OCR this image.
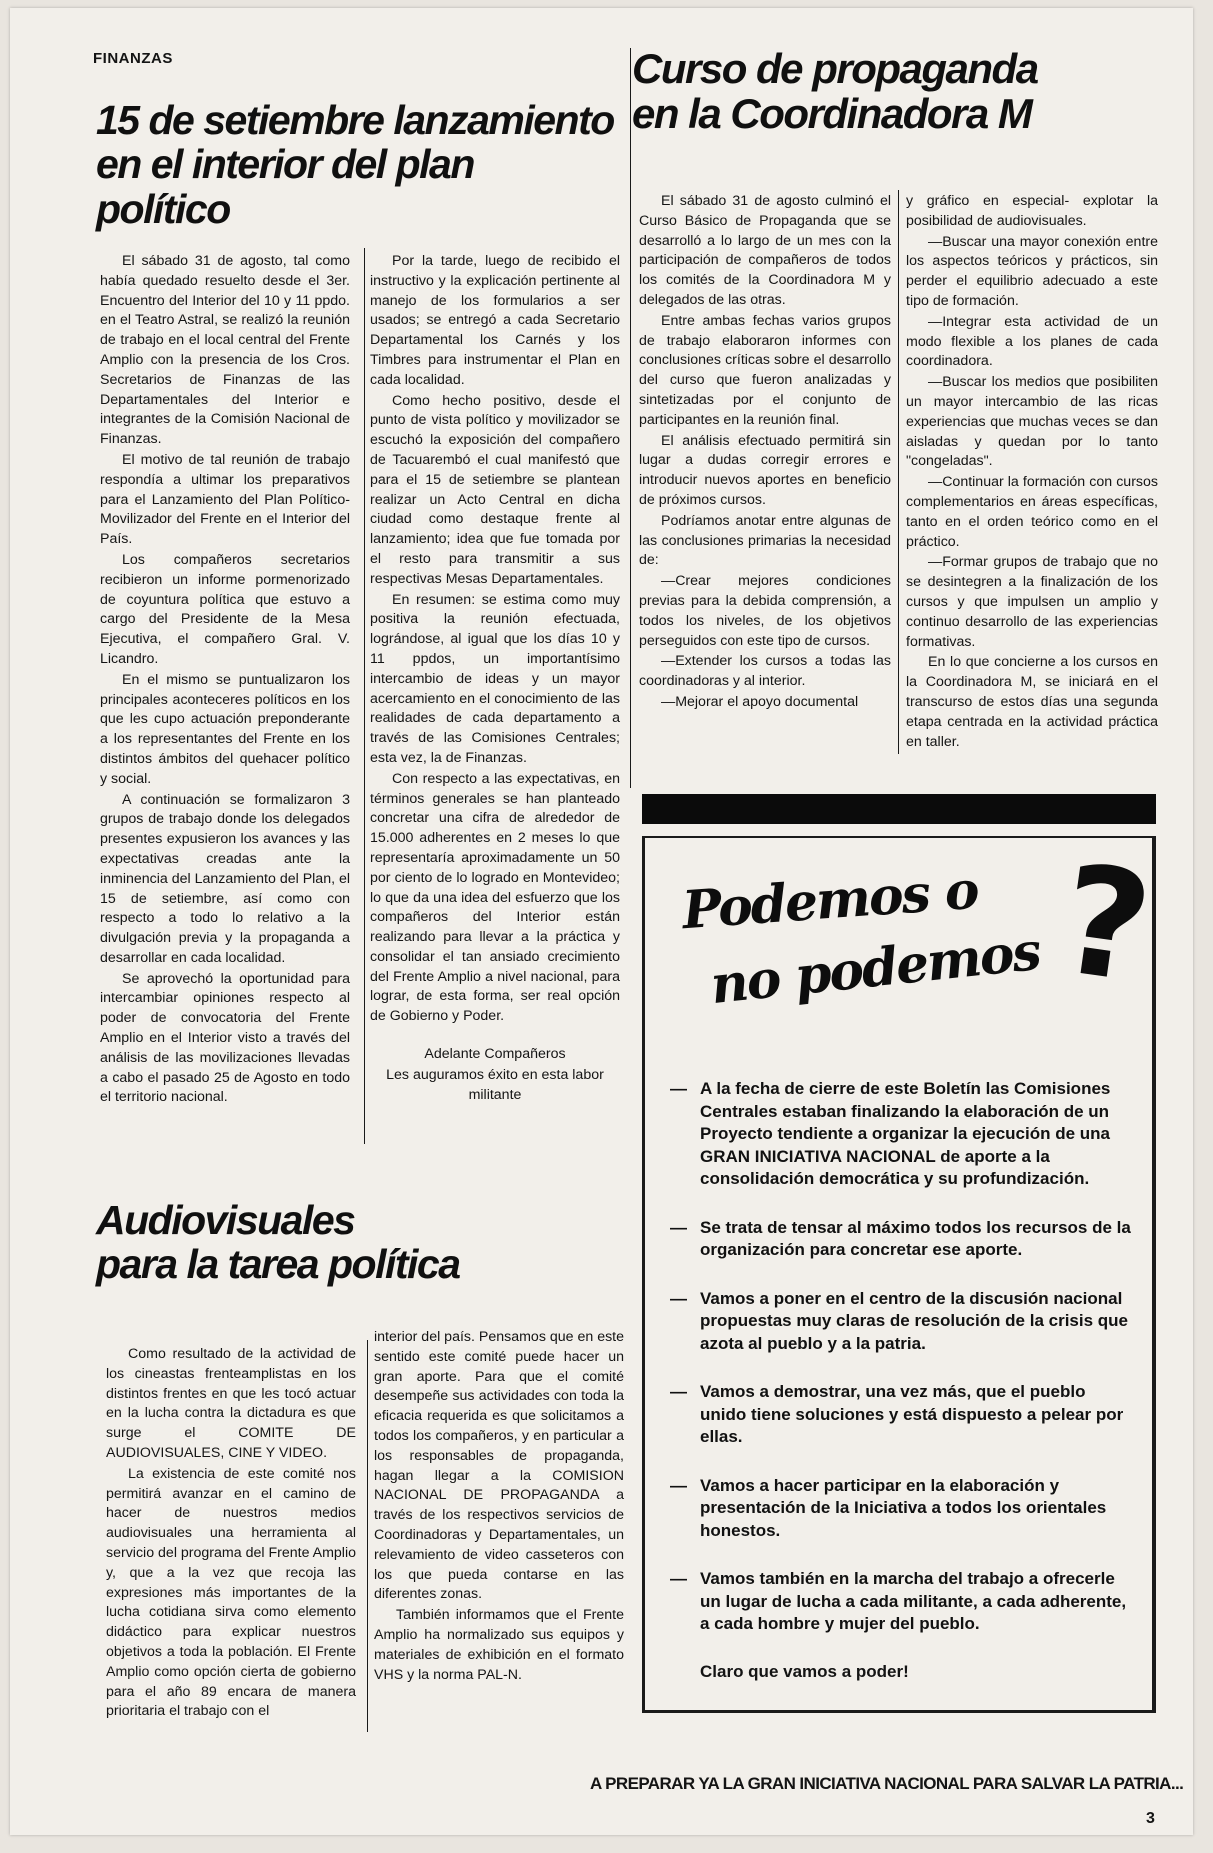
FINANZAS
15 de setiembre lanzamiento
en el interior del plan político

El sábado 31 de agosto, tal como había quedado resuelto desde el 3er. Encuentro del Interior del 10 y 11 ppdo. en el Teatro Astral, se realizó la reunión de trabajo en el local central del Frente Amplio con la presencia de los Cros. Secretarios de Finanzas de las Departamentales del Interior e integrantes de la Comisión Nacional de Finanzas.

El motivo de tal reunión de trabajo respondía a ultimar los preparativos para el Lanzamiento del Plan Político-Movilizador del Frente en el Interior del País.

Los compañeros secretarios recibieron un informe pormenorizado de coyuntura política que estuvo a cargo del Presidente de la Mesa Ejecutiva, el compañero Gral. V. Licandro.

En el mismo se puntualizaron los principales aconteceres políticos en los que les cupo actuación preponderante a los representantes del Frente en los distintos ámbitos del quehacer político y social.

A continuación se formalizaron 3 grupos de trabajo donde los delegados presentes expusieron los avances y las expectativas creadas ante la inminencia del Lanzamiento del Plan, el 15 de setiembre, así como con respecto a todo lo relativo a la divulgación previa y la propaganda a desarrollar en cada localidad.

Se aprovechó la oportunidad para intercambiar opiniones respecto al poder de convocatoria del Frente Amplio en el Interior visto a través del análisis de las movilizaciones llevadas a cabo el pasado 25 de Agosto en todo el territorio nacional.

Por la tarde, luego de recibido el instructivo y la explicación pertinente al manejo de los formularios a ser usados; se entregó a cada Secretario Departamental los Carnés y los Timbres para instrumentar el Plan en cada localidad.

Como hecho positivo, desde el punto de vista político y movilizador se escuchó la exposición del compañero de Tacuarembó el cual manifestó que para el 15 de setiembre se plantean realizar un Acto Central en dicha ciudad como destaque frente al lanzamiento; idea que fue tomada por el resto para transmitir a sus respectivas Mesas Departamentales.

En resumen: se estima como muy positiva la reunión efectuada, lográndose, al igual que los días 10 y 11 ppdos, un importantísimo intercambio de ideas y un mayor acercamiento en el conocimiento de las realidades de cada departamento a través de las Comisiones Centrales; esta vez, la de Finanzas.

Con respecto a las expectativas, en términos generales se han planteado concretar una cifra de alrededor de 15.000 adherentes en 2 meses lo que representaría aproximadamente un 50 por ciento de lo logrado en Montevideo; lo que da una idea del esfuerzo que los compañeros del Interior están realizando para llevar a la práctica y consolidar el tan ansiado crecimiento del Frente Amplio a nivel nacional, para lograr, de esta forma, ser real opción de Gobierno y Poder.

Adelante Compañeros

Les auguramos éxito en esta labor militante

Curso de propaganda
en la Coordinadora M

El sábado 31 de agosto culminó el Curso Básico de Propaganda que se desarrolló a lo largo de un mes con la participación de compañeros de todos los comités de la Coordinadora M y delegados de las otras.

Entre ambas fechas varios grupos de trabajo elaboraron informes con conclusiones críticas sobre el desarrollo del curso que fueron analizadas y sintetizadas por el conjunto de participantes en la reunión final.

El análisis efectuado permitirá sin lugar a dudas corregir errores e introducir nuevos aportes en beneficio de próximos cursos.

Podríamos anotar entre algunas de las conclusiones primarias la necesidad de:

—Crear mejores condiciones previas para la debida comprensión, a todos los niveles, de los objetivos perseguidos con este tipo de cursos.

—Extender los cursos a todas las coordinadoras y al interior.

—Mejorar el apoyo documental

y gráfico en especial- explotar la posibilidad de audiovisuales.

—Buscar una mayor conexión entre los aspectos teóricos y prácticos, sin perder el equilibrio adecuado a este tipo de formación.

—Integrar esta actividad de un modo flexible a los planes de cada coordinadora.

—Buscar los medios que posibiliten un mayor intercambio de las ricas experiencias que muchas veces se dan aisladas y quedan por lo tanto "congeladas".

—Continuar la formación con cursos complementarios en áreas específicas, tanto en el orden teórico como en el práctico.

—Formar grupos de trabajo que no se desintegren a la finalización de los cursos y que impulsen un amplio y continuo desarrollo de las experiencias formativas.

En lo que concierne a los cursos en la Coordinadora M, se iniciará en el transcurso de estos días una segunda etapa centrada en la actividad práctica en taller.

Audiovisuales
para la tarea política

Como resultado de la actividad de los cineastas frenteamplistas en los distintos frentes en que les tocó actuar en la lucha contra la dictadura es que surge el COMITE DE AUDIOVISUALES, CINE Y VIDEO.

La existencia de este comité nos permitirá avanzar en el camino de hacer de nuestros medios audiovisuales una herramienta al servicio del programa del Frente Amplio y, que a la vez que recoja las expresiones más importantes de la lucha cotidiana sirva como elemento didáctico para explicar nuestros objetivos a toda la población. El Frente Amplio como opción cierta de gobierno para el año 89 encara de manera prioritaria el trabajo con el

interior del país. Pensamos que en este sentido este comité puede hacer un gran aporte. Para que el comité desempeñe sus actividades con toda la eficacia requerida es que solicitamos a todos los compañeros, y en particular a los responsables de propaganda, hagan llegar a la COMISION NACIONAL DE PROPAGANDA a través de los respectivos servicios de Coordinadoras y Departamentales, un relevamiento de video casseteros con los que pueda contarse en las diferentes zonas.

También informamos que el Frente Amplio ha normalizado sus equipos y materiales de exhibición en el formato VHS y la norma PAL-N.

Podemos o
no podemos ?
— A la fecha de cierre de este Boletín las Comisiones Centrales estaban finalizando la elaboración de un Proyecto tendiente a organizar la ejecución de una GRAN INICIATIVA NACIONAL de aporte a la consolidación democrática y su profundización.
— Se trata de tensar al máximo todos los recursos de la organización para concretar ese aporte.
— Vamos a poner en el centro de la discusión nacional propuestas muy claras de resolución de la crisis que azota al pueblo y a la patria.
— Vamos a demostrar, una vez más, que el pueblo unido tiene soluciones y está dispuesto a pelear por ellas.
— Vamos a hacer participar en la elaboración y presentación de la Iniciativa a todos los orientales honestos.
— Vamos también en la marcha del trabajo a ofrecerle un lugar de lucha a cada militante, a cada adherente, a cada hombre y mujer del pueblo.
Claro que vamos a poder!
A PREPARAR YA LA GRAN INICIATIVA NACIONAL PARA SALVAR LA PATRIA...
3
